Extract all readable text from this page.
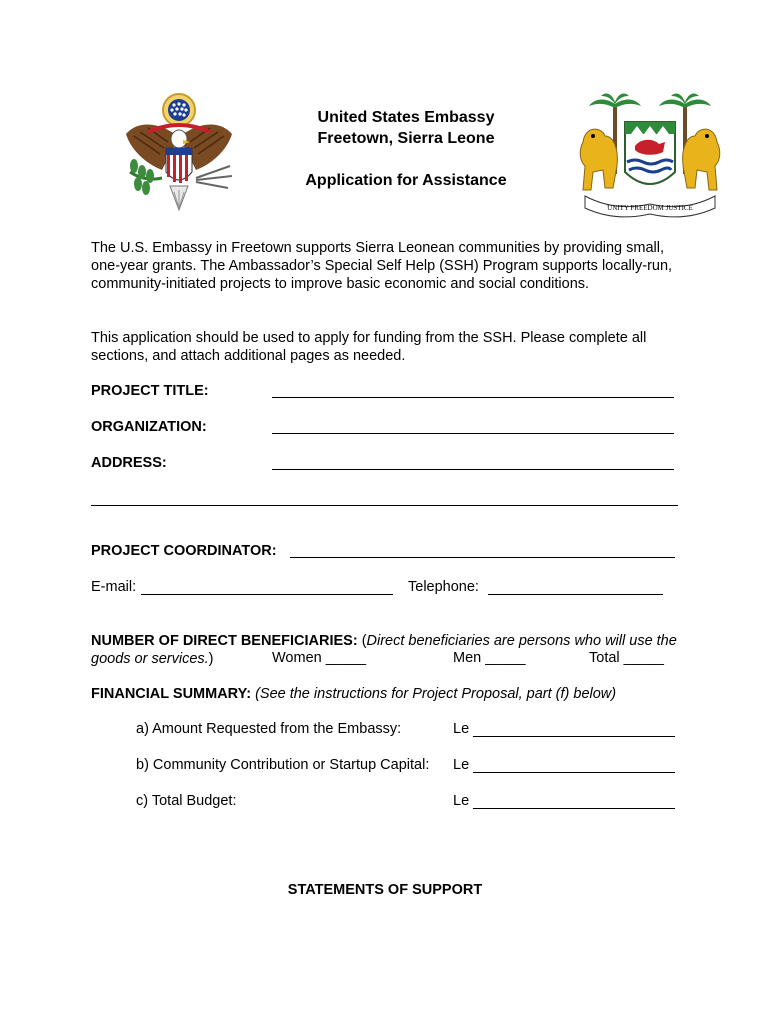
UNITY FREEDOM JUSTICE
United States Embassy
Freetown, Sierra Leone
Application for Assistance
The U.S. Embassy in Freetown supports Sierra Leonean communities by providing small, one-year grants. The Ambassador’s Special Self Help (SSH) Program supports locally-run, community-initiated projects to improve basic economic and social conditions.
This application should be used to apply for funding from the SSH. Please complete all sections, and attach additional pages as needed.
PROJECT TITLE:
ORGANIZATION:
ADDRESS:
PROJECT COORDINATOR:
E-mail:	Telephone:
NUMBER OF DIRECT BENEFICIARIES: (Direct beneficiaries are persons who will use the goods or services.)	Women _____	Men _____	Total _____
FINANCIAL SUMMARY: (See the instructions for Project Proposal, part (f) below)
a) Amount Requested from the Embassy:	Le
b) Community Contribution or Startup Capital: Le
c) Total Budget:	Le
STATEMENTS OF SUPPORT
